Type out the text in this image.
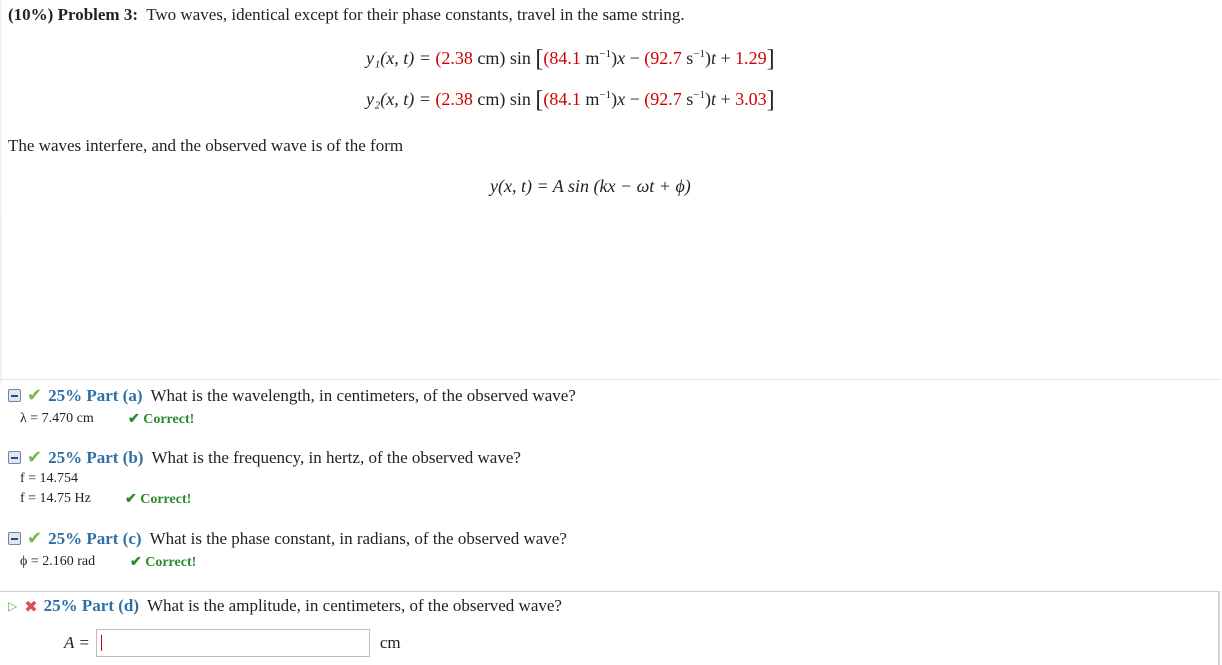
(10%) Problem 3: Two waves, identical except for their phase constants, travel in the same string.
y₁(x, t) = (2.38 cm) sin [(84.1 $m^{-1})x - (92.7$ $s^{-1})t + 1.29$]
y₂(x, t) = (2.38 cm) sin [(84.1 $m^{-1})x - (92.7$ $s^{-1})t + 3.03$]
The waves interfere, and the observed wave is of the form
y(x, t) = A sin (kx − ωt + ϕ)
✔ 25% Part (a) What is the wavelength, in centimeters, of the observed wave?
λ = 7.470 cm ✔ Correct!
✔ 25% Part (b) What is the frequency, in hertz, of the observed wave?
f = 14.754
f = 14.75 Hz ✔ Correct!
✔ 25% Part (c) What is the phase constant, in radians, of the observed wave?
ϕ = 2.160 rad ✔ Correct!
▷ ✖ 25% Part (d) What is the amplitude, in centimeters, of the observed wave?
A =	cm
